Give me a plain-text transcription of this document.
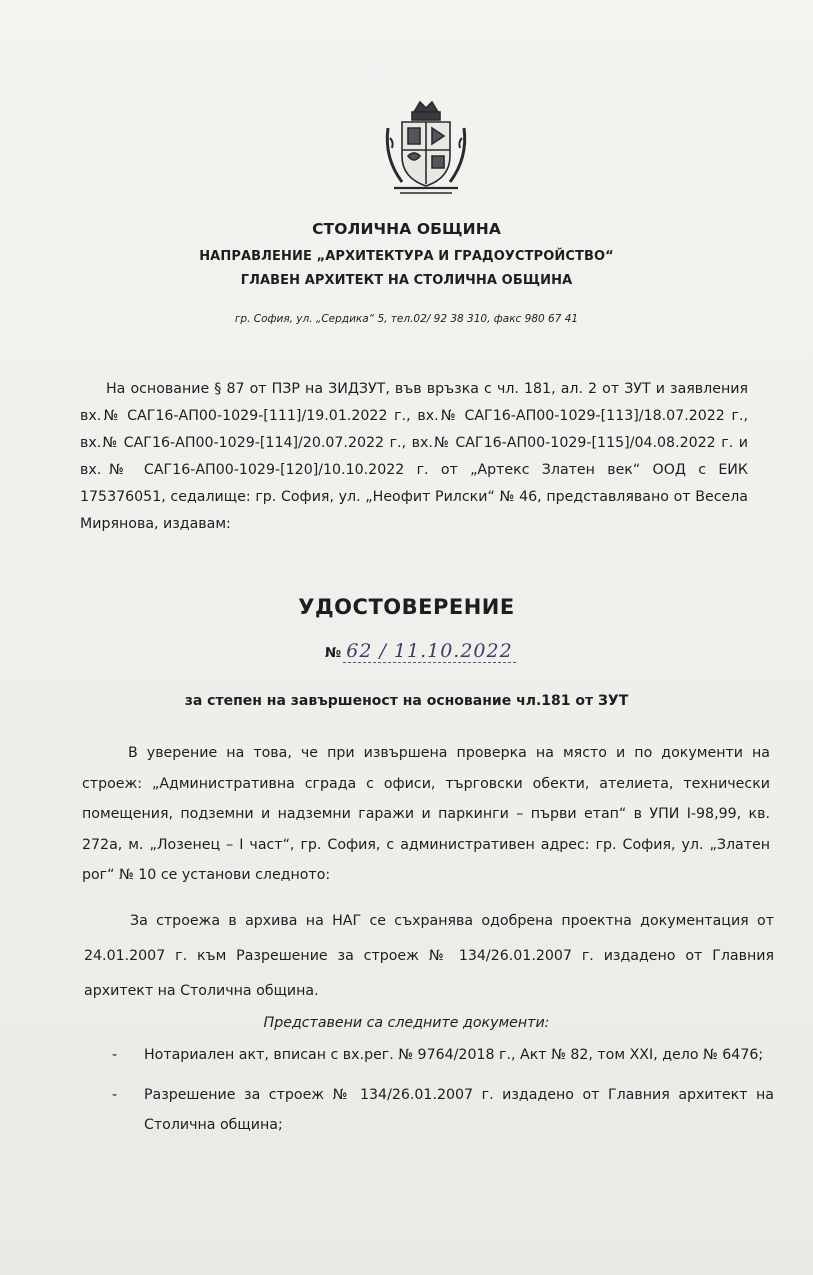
СТОЛИЧНА ОБЩИНА
НАПРАВЛЕНИЕ „АРХИТЕКТУРА И ГРАДОУСТРОЙСТВО“
ГЛАВЕН АРХИТЕКТ НА СТОЛИЧНА ОБЩИНА
гр. София, ул. „Сердика“ 5, тел.02/ 92 38 310, факс 980 67 41
На основание § 87 от ПЗР на ЗИДЗУТ, във връзка с чл. 181, ал. 2 от ЗУТ и заявления вх.№ САГ16-АП00-1029-[111]/19.01.2022 г., вх.№ САГ16-АП00-1029-[113]/18.07.2022 г., вх.№ САГ16-АП00-1029-[114]/20.07.2022 г., вх.№ САГ16-АП00-1029-[115]/04.08.2022 г. и вх.№ САГ16-АП00-1029-[120]/10.10.2022 г. от „Артекс Златен век“ ООД с ЕИК 175376051, седалище: гр. София, ул. „Неофит Рилски“ № 46, представлявано от Весела Мирянова, издавам:
УДОСТОВЕРЕНИЕ
№ 62 / 11.10.2022
за степен на завършеност на основание чл.181 от ЗУТ
В уверение на това, че при извършена проверка на място и по документи на строеж: „Административна сграда с офиси, търговски обекти, ателиета, технически помещения, подземни и надземни гаражи и паркинги – първи етап“ в УПИ I-98,99, кв. 272а, м. „Лозенец – I част“, гр. София, с административен адрес: гр. София, ул. „Златен рог“ № 10 се установи следното:
За строежа в архива на НАГ се съхранява одобрена проектна документация от 24.01.2007 г. към Разрешение за строеж № 134/26.01.2007 г. издадено от Главния архитект на Столична община.
Представени са следните документи:
- Нотариален акт, вписан с вх.рег. № 9764/2018 г., Акт № 82, том XXI, дело № 6476;
- Разрешение за строеж № 134/26.01.2007 г. издадено от Главния архитект на Столична община;
